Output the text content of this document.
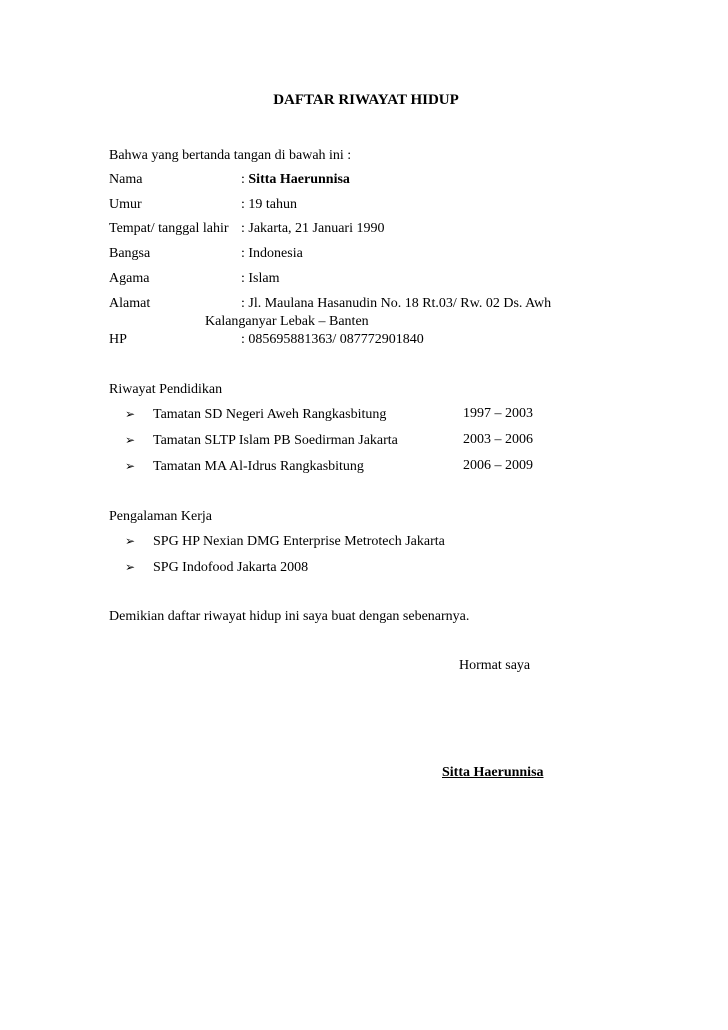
DAFTAR RIWAYAT HIDUP
Bahwa yang bertanda tangan di bawah ini :
Nama	: Sitta Haerunnisa
Umur	: 19 tahun
Tempat/ tanggal lahir : Jakarta, 21 Januari 1990
Bangsa	: Indonesia
Agama	: Islam
Alamat	: Jl. Maulana Hasanudin No. 18 Rt.03/ Rw. 02 Ds. Awh
Kalanganyar Lebak – Banten
HP	: 085695881363/ 087772901840
Riwayat Pendidikan
➢ Tamatan SD Negeri Aweh Rangkasbitung	1997 – 2003
➢ Tamatan SLTP Islam PB Soedirman Jakarta	2003 – 2006
➢ Tamatan MA Al-Idrus Rangkasbitung	2006 – 2009
Pengalaman Kerja
➢ SPG HP Nexian DMG Enterprise Metrotech Jakarta
➢ SPG Indofood Jakarta 2008
Demikian daftar riwayat hidup ini saya buat dengan sebenarnya.
Hormat saya
Sitta Haerunnisa
